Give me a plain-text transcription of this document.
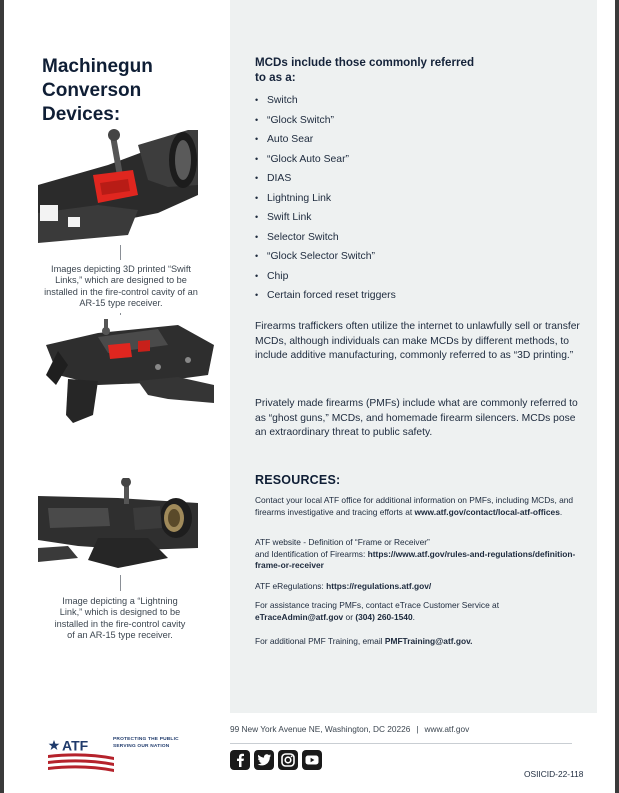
Machinegun
Converson
Devices:
Images depicting 3D printed “Swift Links,” which are designed to be installed in the fire-control cavity of an AR-15 type receiver.
Image depicting a “Lightning Link,” which is designed to be installed in the fire-control cavity of an AR-15 type receiver.
MCDs include those commonly referred to as a:
• Switch
• “Glock Switch”
• Auto Sear
• “Glock Auto Sear”
• DIAS
• Lightning Link
• Swift Link
• Selector Switch
• “Glock Selector Switch”
• Chip
• Certain forced reset triggers
Firearms traffickers often utilize the internet to unlawfully sell or transfer MCDs, although individuals can make MCDs by different methods, to include additive manufacturing, commonly referred to as “3D printing.”
Privately made firearms (PMFs) include what are commonly referred to as “ghost guns,” MCDs, and homemade firearm silencers. MCDs pose an extraordinary threat to public safety.
RESOURCES:
Contact your local ATF office for additional information on PMFs, including MCDs, and firearms investigative and tracing efforts at www.atf.gov/contact/local-atf-offices.
ATF website - Definition of “Frame or Receiver”
and Identification of Firearms: https://www.atf.gov/rules-and-regulations/definition-frame-or-receiver
ATF eRegulations: https://regulations.atf.gov/
For assistance tracing PMFs, contact eTrace Customer Service at eTraceAdmin@atf.gov or (304) 260-1540.
For additional PMF Training, email PMFTraining@atf.gov.
99 New York Avenue NE, Washington, DC 20226 | www.atf.gov
OSIICID-22-118
ATF	PROTECTING THE PUBLIC
SERVING OUR NATION
